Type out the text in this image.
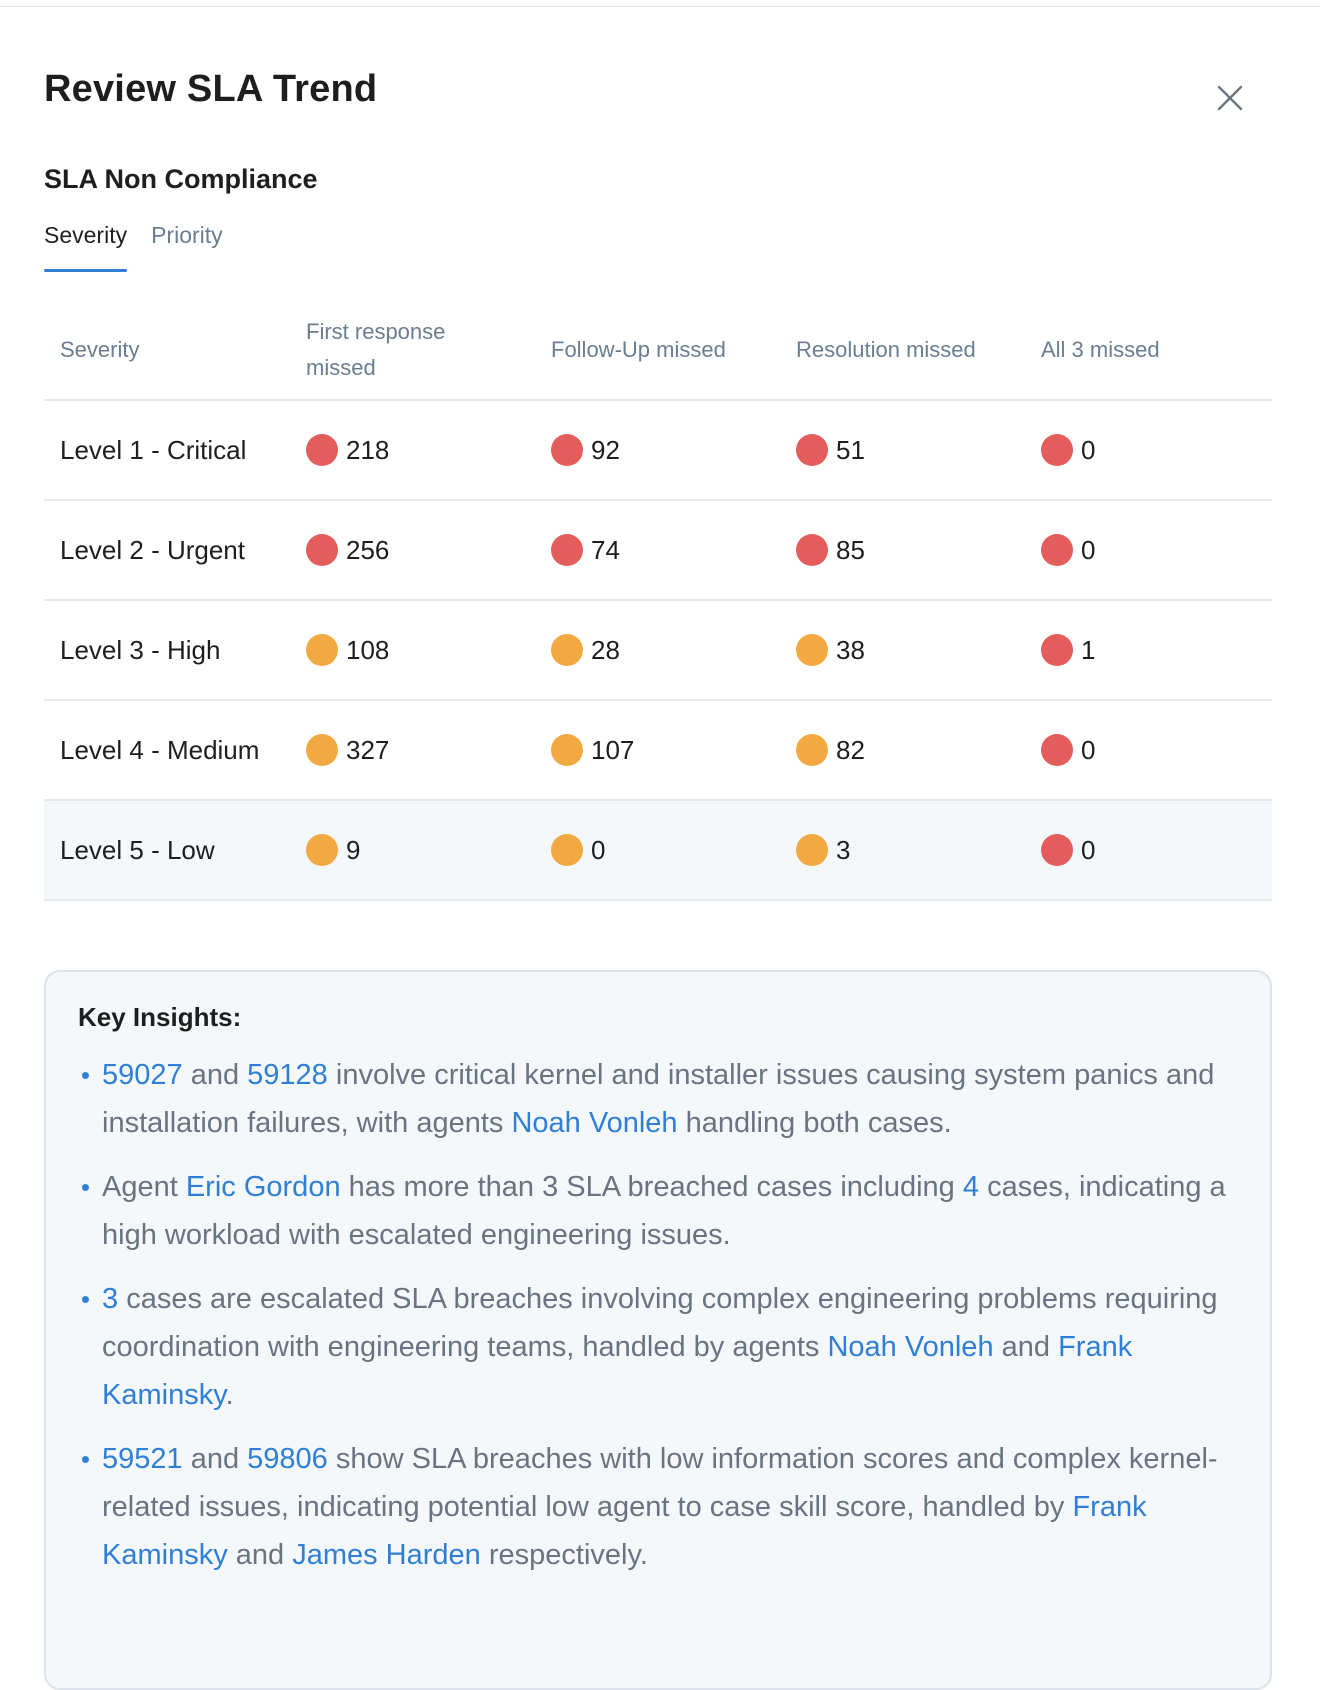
Review SLA Trend
SLA Non Compliance
Severity Priority
Severity	First response missed	Follow-Up missed	Resolution missed	All 3 missed
Level 1 - Critical	218	92	51	0

Level 2 - Urgent	256	74	85	0

Level 3 - High	108	28	38	1

Level 4 - Medium	327	107	82	0

Level 5 - Low	9	0	3	0
Key Insights:
59027 and 59128 involve critical kernel and installer issues causing system panics and installation failures, with agents Noah Vonleh handling both cases.
Agent Eric Gordon has more than 3 SLA breached cases including 4 cases, indicating a high workload with escalated engineering issues.
3 cases are escalated SLA breaches involving complex engineering problems requiring coordination with engineering teams, handled by agents Noah Vonleh and Frank Kaminsky.
59521 and 59806 show SLA breaches with low information scores and complex kernel-related issues, indicating potential low agent to case skill score, handled by Frank Kaminsky and James Harden respectively.
